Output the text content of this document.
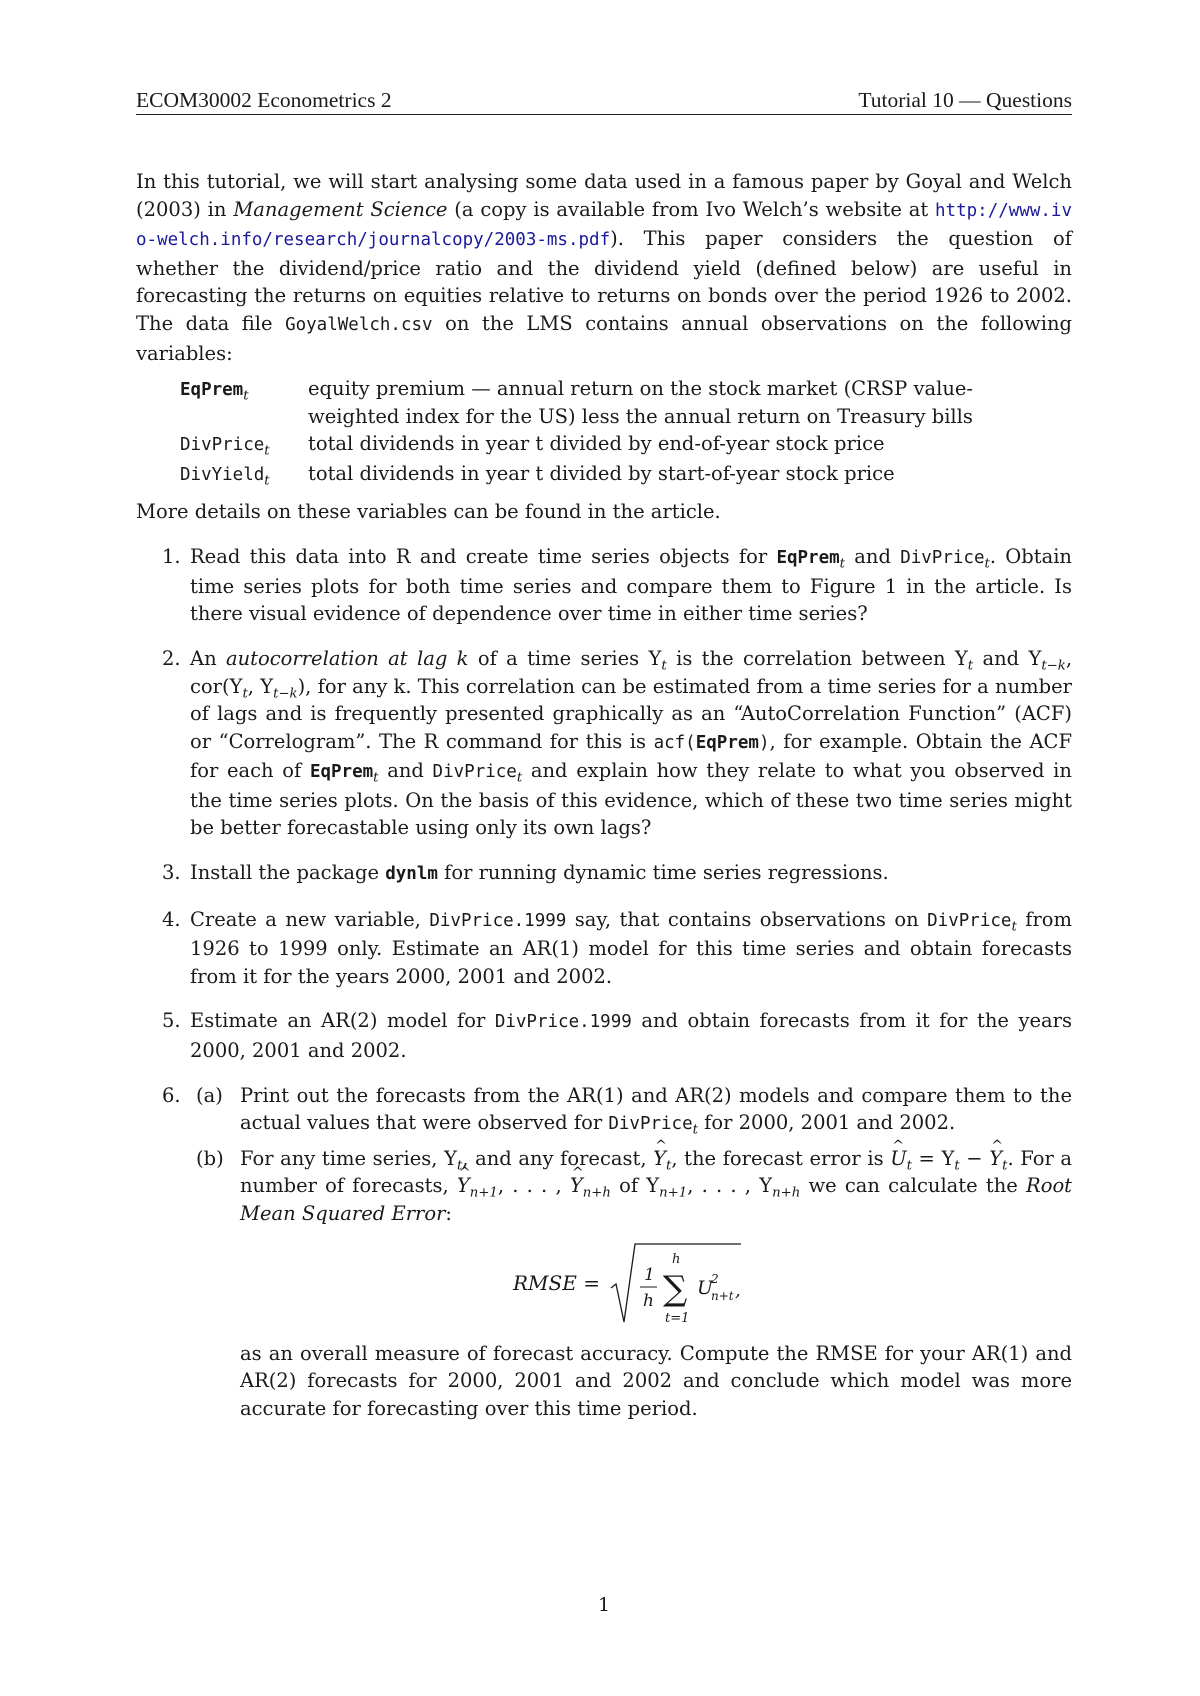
ECOM30002 Econometrics 2	Tutorial 10 — Questions

In this tutorial, we will start analysing some data used in a famous paper by Goyal and Welch (2003) in Management Science (a copy is available from Ivo Welch’s website at http://www.ivo-welch.info/research/journalcopy/2003-ms.pdf). This paper considers the question of whether the dividend/price ratio and the dividend yield (defined below) are useful in forecasting the returns on equities relative to returns on bonds over the period 1926 to 2002. The data file GoyalWelch.csv on the LMS contains annual observations on the following variables:

EqPrem$_t$	equity premium — annual return on the stock market (CRSP value-weighted index for the US) less the annual return on Treasury bills
DivPrice$_t$	total dividends in year t divided by end-of-year stock price
DivYield$_t$	total dividends in year t divided by start-of-year stock price

More details on these variables can be found in the article.

1. Read this data into R and create time series objects for EqPrem$_t$ and DivPrice$_t$. Obtain time series plots for both time series and compare them to Figure 1 in the article. Is there visual evidence of dependence over time in either time series?

2. An autocorrelation at lag k of a time series $Y_t$ is the correlation between $Y_t$ and $Y_{t-k}$, $cor(Y_t$, $Y_{t-k}$), for any k. This correlation can be estimated from a time series for a number of lags and is frequently presented graphically as an “AutoCorrelation Function” (ACF) or “Correlogram”. The R command for this is acf(EqPrem), for example. Obtain the ACF for each of EqPrem$_t$ and DivPrice$_t$ and explain how they relate to what you observed in the time series plots. On the basis of this evidence, which of these two time series might be better forecastable using only its own lags?

3. Install the package dynlm for running dynamic time series regressions.

4. Create a new variable, DivPrice.1999 say, that contains observations on DivPrice$_t$ from 1926 to 1999 only. Estimate an AR(1) model for this time series and obtain forecasts from it for the years 2000, 2001 and 2002.

5. Estimate an AR(2) model for DivPrice.1999 and obtain forecasts from it for the years 2000, 2001 and 2002.

6. (a) Print out the forecasts from the AR(1) and AR(2) models and compare them to the actual values that were observed for DivPrice$_t$ for 2000, 2001 and 2002.

(b) For any time series, $Y_t$, and any forecast, ^ $Y_t$, the forecast error is ^ $U_t = Y_t$ − ^ $Y_t$. For a number of forecasts, ^ $Y_{n+1}$, . . . , ^ $Y_{n+h}$ of $Y_{n+1}$, . . . , $Y_{n+h}$ we can calculate the Root Mean Squared Error:

RMSE =	1
h ∑
h
t=1
U
2
n+t ,

as an overall measure of forecast accuracy. Compute the RMSE for your AR(1) and AR(2) forecasts for 2000, 2001 and 2002 and conclude which model was more accurate for forecasting over this time period.

1
